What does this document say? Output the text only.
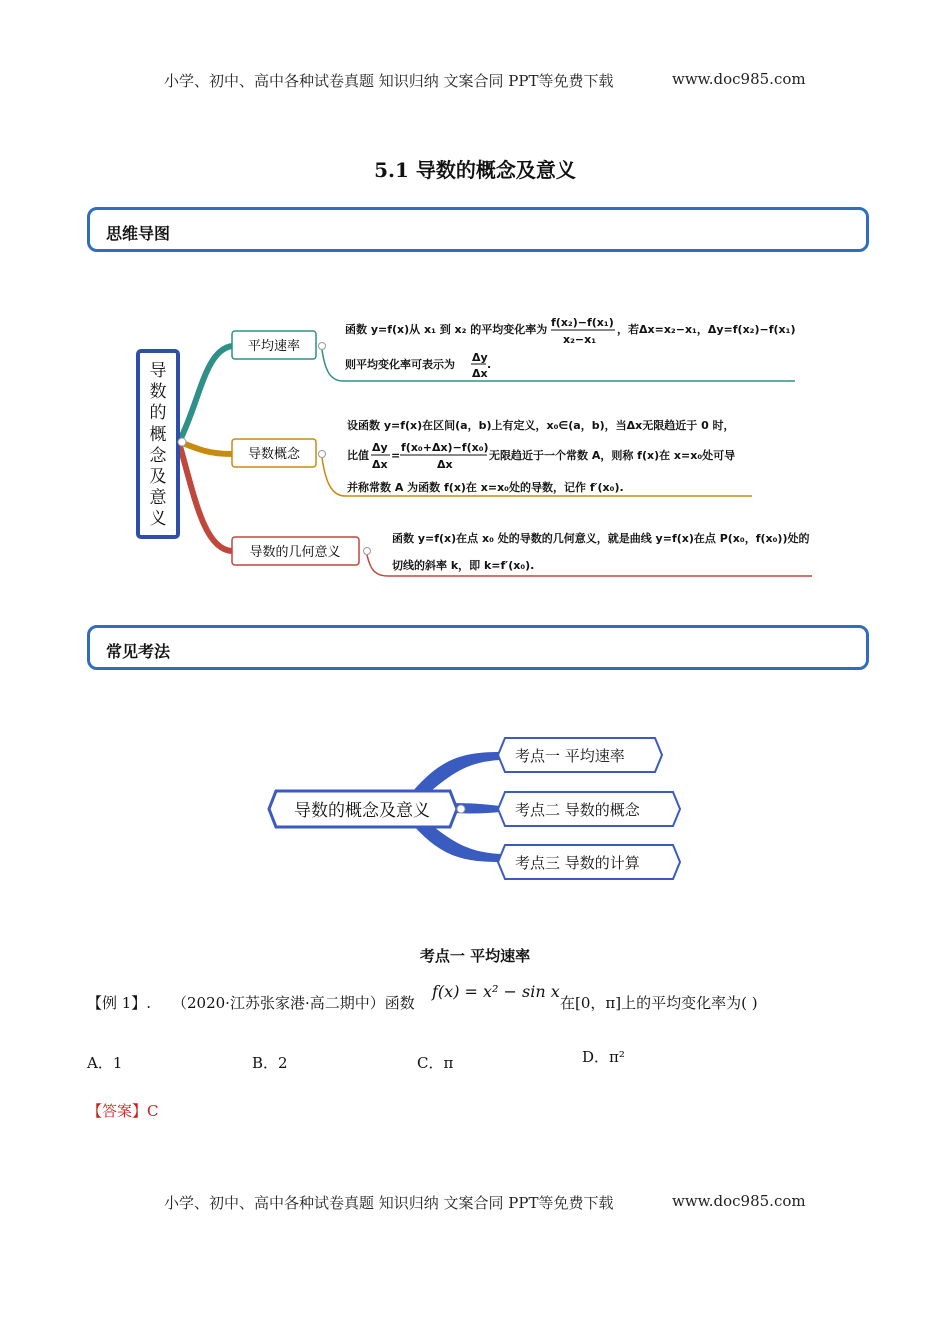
小学、初中、高中各种试卷真题 知识归纳 文案合同 PPT等免费下载	www.doc985.com
5.1 导数的概念及意义
思维导图
导
数
的
概
念
及
意
义
平均速率
函数 y=f(x)从 x₁ 到 x₂ 的平均变化率为
f(x₂)−f(x₁)
x₂−x₁
，若Δx=x₂−x₁，Δy=f(x₂)−f(x₁)
则平均变化率可表示为
Δy
Δx
.
导数概念
设函数 y=f(x)在区间(a，b)上有定义，x₀∈(a，b)，当Δx无限趋近于 0 时，
比值
Δy
Δx
=
f(x₀+Δx)−f(x₀)
Δx
无限趋近于一个常数 A，则称 f(x)在 x=x₀处可导
并称常数 A 为函数 f(x)在 x=x₀处的导数，记作 f′(x₀).
导数的几何意义
函数 y=f(x)在点 x₀ 处的导数的几何意义，就是曲线 y=f(x)在点 P(x₀，f(x₀))处的
切线的斜率 k，即 k=f′(x₀).
常见考法
导数的概念及意义
考点一 平均速率
考点二 导数的概念
考点三 导数的计算
考点一 平均速率
【例 1】. （2020·江苏张家港·高二期中）函数
f(x) = x² − sin x
在[0，π]上的平均变化率为( )
A．1	B．2	C．π	D．π²
【答案】C
小学、初中、高中各种试卷真题 知识归纳 文案合同 PPT等免费下载	www.doc985.com
